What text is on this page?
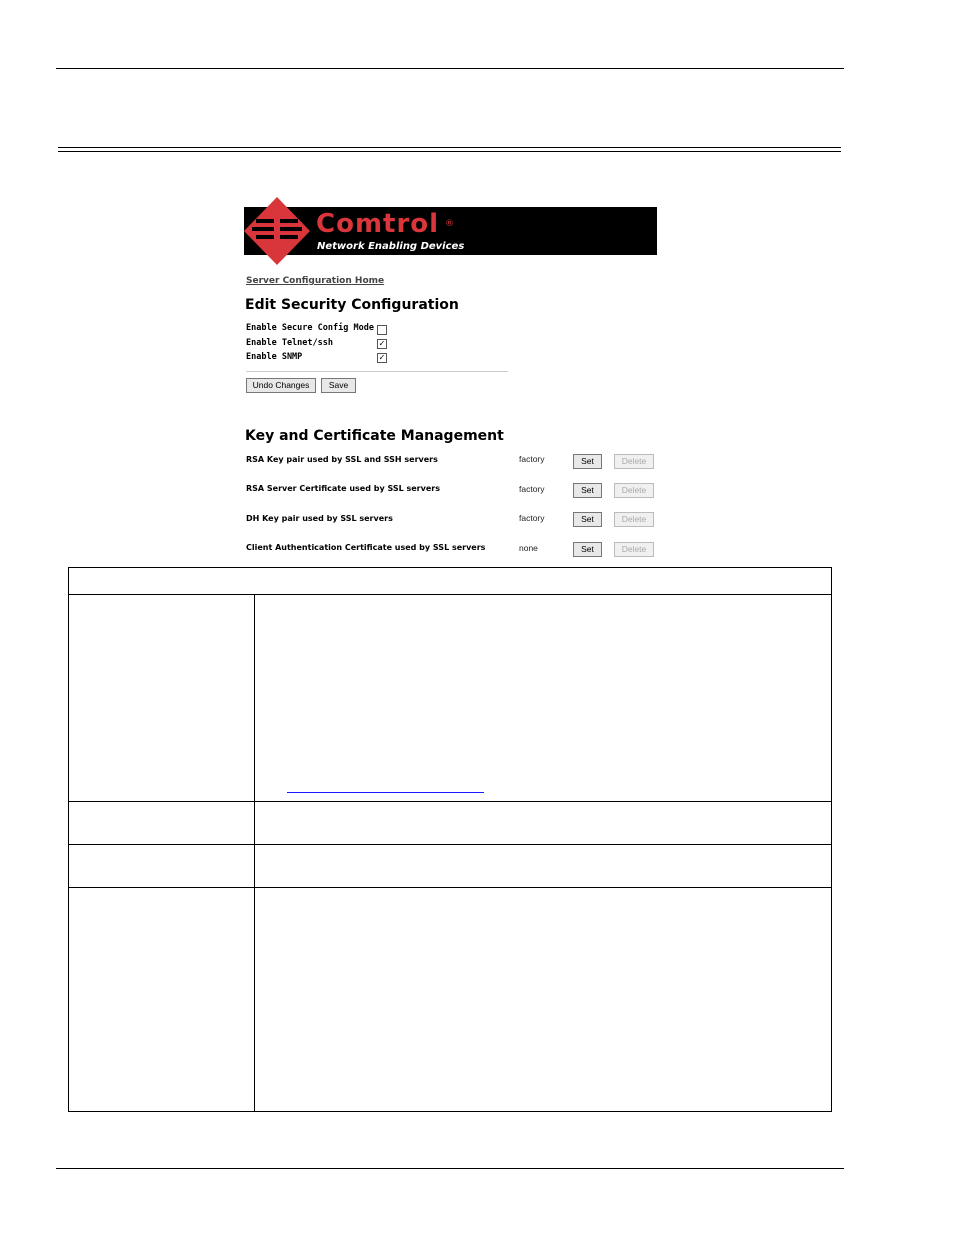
Comtrol ®
Network Enabling Devices
Server Configuration Home
Edit Security Configuration
Enable Secure Config Mode
Enable Telnet/ssh	✓
Enable SNMP	✓
Undo Changes	Save
Key and Certificate Management
RSA Key pair used by SSL and SSH servers	factory	Set	Delete
RSA Server Certificate used by SSL servers	factory	Set	Delete
DH Key pair used by SSL servers	factory	Set	Delete
Client Authentication Certificate used by SSL servers	none	Set	Delete
